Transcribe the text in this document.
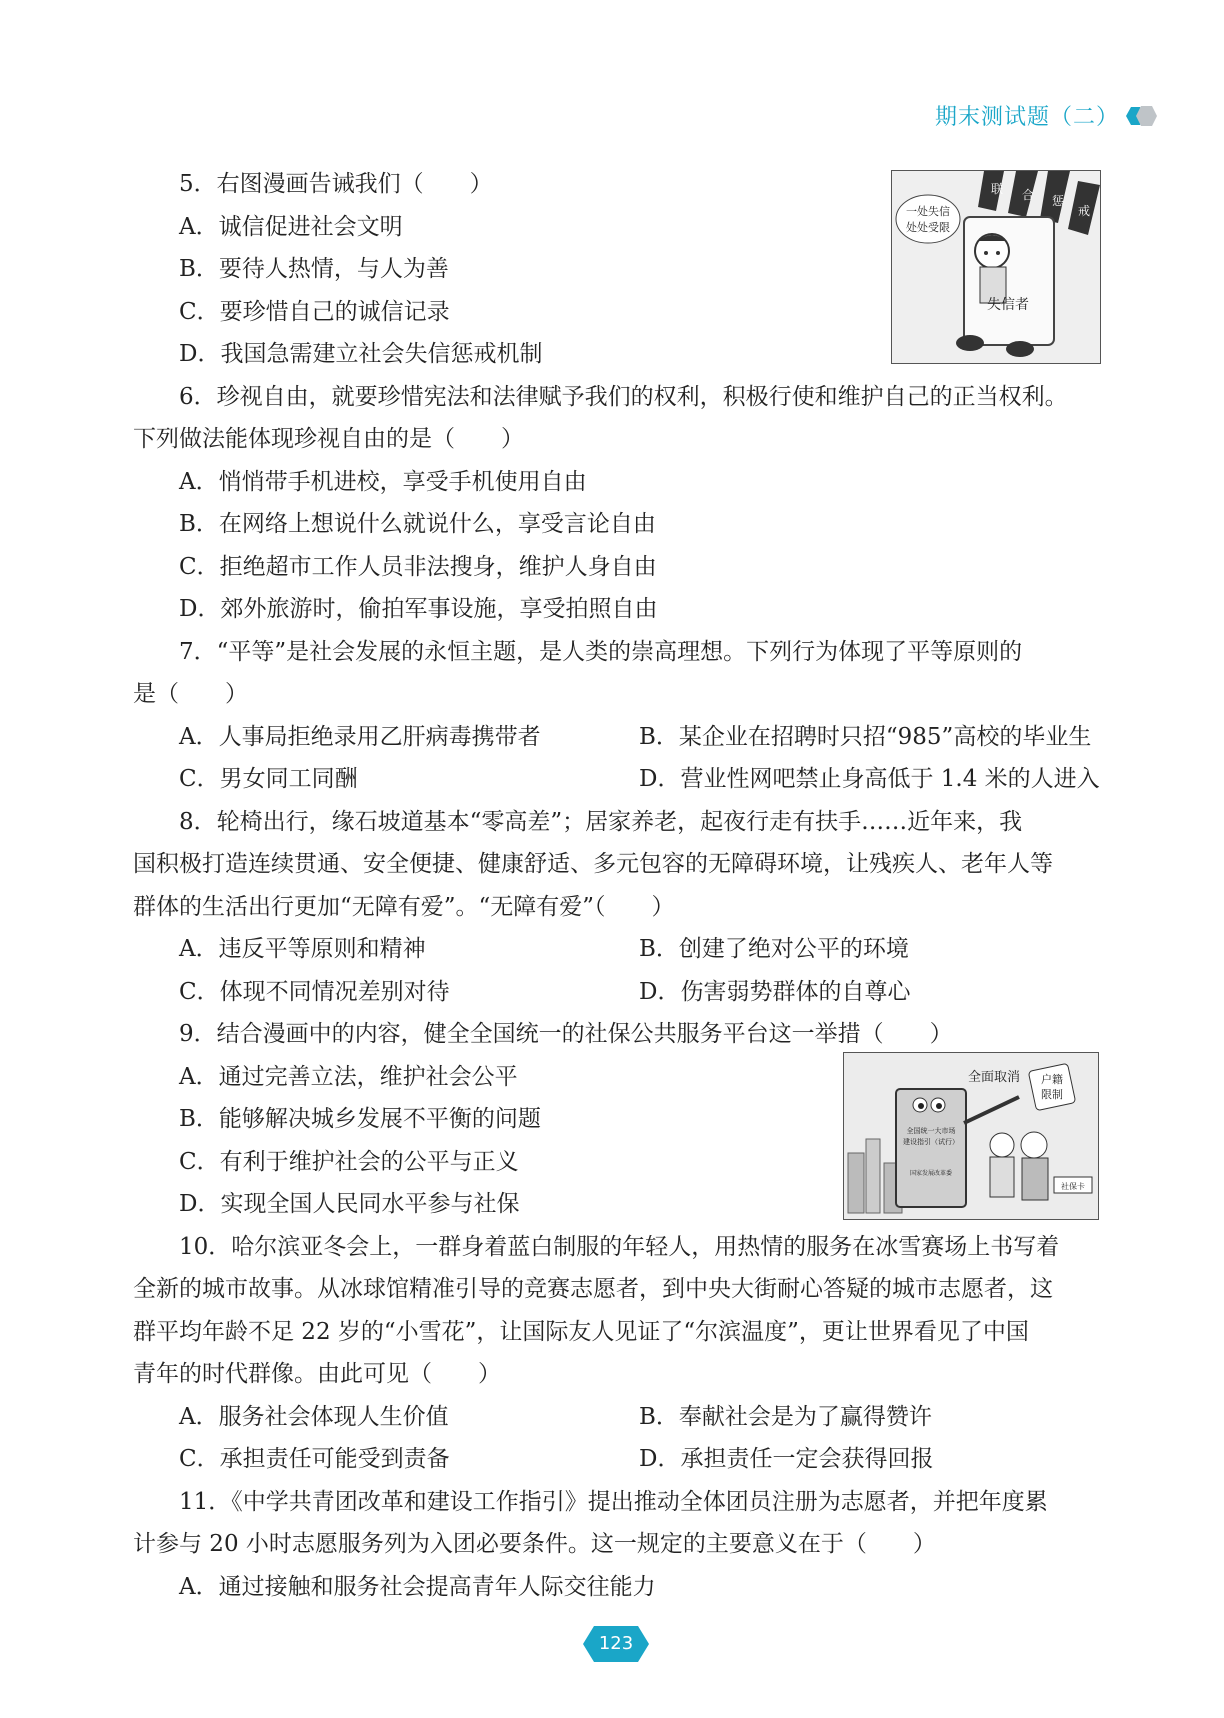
期末测试题（二）
5．右图漫画告诫我们（　　）
A．诚信促进社会文明
B．要待人热情，与人为善
C．要珍惜自己的诚信记录
D．我国急需建立社会失信惩戒机制
6．珍视自由，就要珍惜宪法和法律赋予我们的权利，积极行使和维护自己的正当权利。
下列做法能体现珍视自由的是（　　）
A．悄悄带手机进校，享受手机使用自由
B．在网络上想说什么就说什么，享受言论自由
C．拒绝超市工作人员非法搜身，维护人身自由
D．郊外旅游时，偷拍军事设施，享受拍照自由
7．“平等”是社会发展的永恒主题，是人类的崇高理想。下列行为体现了平等原则的
是（　　）
A．人事局拒绝录用乙肝病毒携带者	B．某企业在招聘时只招“985”高校的毕业生
C．男女同工同酬	D．营业性网吧禁止身高低于 1.4 米的人进入
8．轮椅出行，缘石坡道基本“零高差”；居家养老，起夜行走有扶手……近年来，我
国积极打造连续贯通、安全便捷、健康舒适、多元包容的无障碍环境，让残疾人、老年人等
群体的生活出行更加“无障有爱”。“无障有爱”（　　）
A．违反平等原则和精神	B．创建了绝对公平的环境
C．体现不同情况差别对待	D．伤害弱势群体的自尊心
9．结合漫画中的内容，健全全国统一的社保公共服务平台这一举措（　　）
A．通过完善立法，维护社会公平
B．能够解决城乡发展不平衡的问题
C．有利于维护社会的公平与正义
D．实现全国人民同水平参与社保
10．哈尔滨亚冬会上，一群身着蓝白制服的年轻人，用热情的服务在冰雪赛场上书写着
全新的城市故事。从冰球馆精准引导的竞赛志愿者，到中央大街耐心答疑的城市志愿者，这
群平均年龄不足 22 岁的“小雪花”，让国际友人见证了“尔滨温度”，更让世界看见了中国
青年的时代群像。由此可见（　　）
A．服务社会体现人生价值	B．奉献社会是为了赢得赞许
C．承担责任可能受到责备	D．承担责任一定会获得回报
11．《中学共青团改革和建设工作指引》提出推动全体团员注册为志愿者，并把年度累
计参与 20 小时志愿服务列为入团必要条件。这一规定的主要意义在于（　　）
A．通过接触和服务社会提高青年人际交往能力
联 合 惩
戒
一处失信
处处受限
失信者
全国统一大市场
建设指引（试行）
国家发展改革委
全面取消 户籍
限制
社保卡
123
